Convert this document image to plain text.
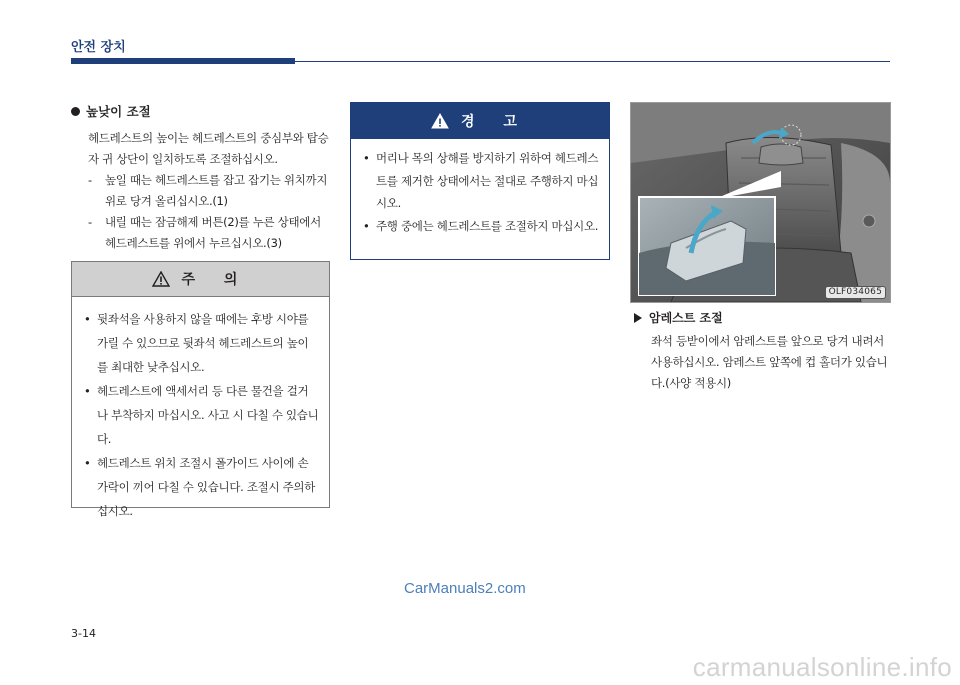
안전 장치
높낮이 조절

헤드레스트의 높이는 헤드레스트의 중심부와 탑승자 귀 상단이 일치하도록 조절하십시오.

- 높일 때는 헤드레스트를 잡고 잡기는 위치까지 위로 당겨 올리십시오.(1)
- 내릴 때는 잠금해제 버튼(2)를 누른 상태에서 헤드레스트를 위에서 누르십시오.(3)
주 의
• 뒷좌석을 사용하지 않을 때에는 후방 시야를 가릴 수 있으므로 뒷좌석 헤드레스트의 높이를 최대한 낮추십시오.
• 헤드레스트에 액세서리 등 다른 물건을 걸거나 부착하지 마십시오. 사고 시 다칠 수 있습니다.
• 헤드레스트 위치 조절시 폴가이드 사이에 손가락이 끼어 다칠 수 있습니다. 조절시 주의하십시오.
경 고
• 머리나 목의 상해를 방지하기 위하여 헤드레스트를 제거한 상태에서는 절대로 주행하지 마십시오.
• 주행 중에는 헤드레스트를 조절하지 마십시오.
OLF034065
암레스트 조절

좌석 등받이에서 암레스트를 앞으로 당겨 내려서 사용하십시오. 암레스트 앞쪽에 컵 홀더가 있습니다.(사양 적용시)

CarManuals2.com

3-14

carmanualsonline.info
